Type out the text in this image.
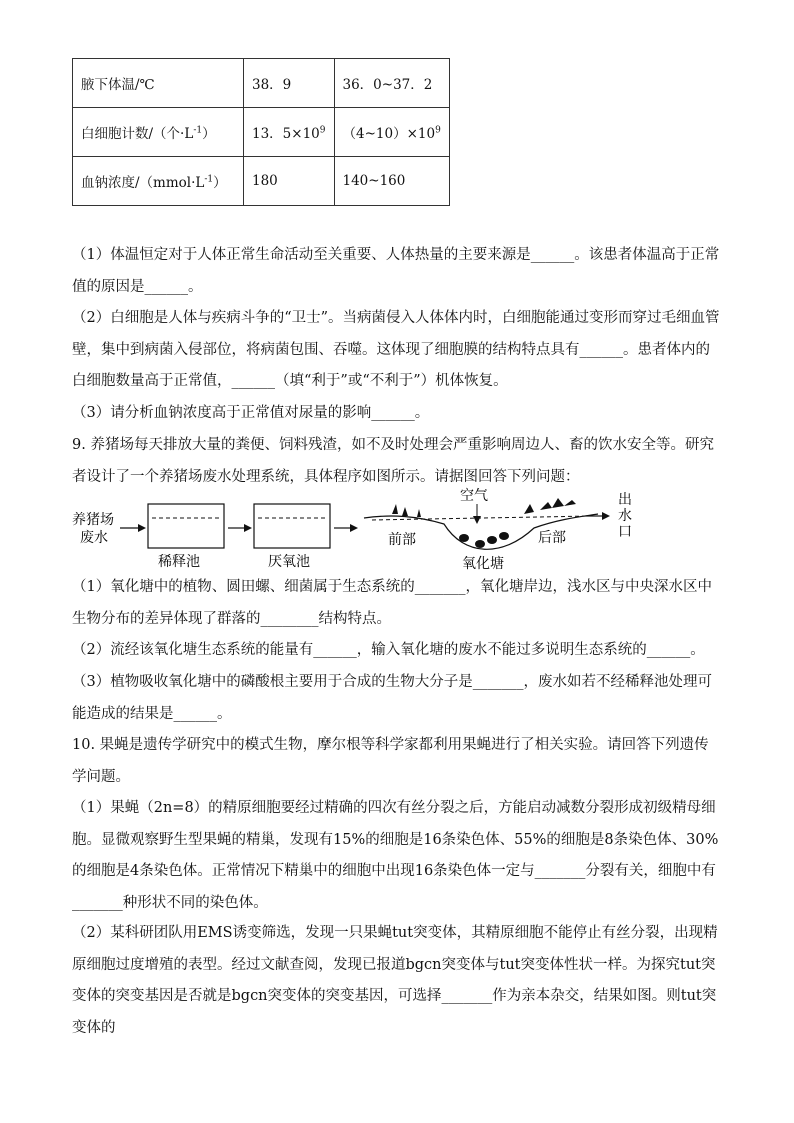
腋下体温/℃	38．9	36．0~37．2
白细胞计数/（个$\cdot L^{-1}$）	13．$5\times 10^9$	$(4\sim 10)\times 10^9$
血钠浓度$/(mmol\cdot L^{-1})$	180	140~160

（1）体温恒定对于人体正常生命活动至关重要、人体热量的主要来源是______。该患者体温高于正常值的原因是______。

（2）白细胞是人体与疾病斗争的“卫士”。当病菌侵入人体体内时，白细胞能通过变形而穿过毛细血管壁，集中到病菌入侵部位，将病菌包围、吞噬。这体现了细胞膜的结构特点具有______。患者体内的白细胞数量高于正常值，______（填“利于”或“不利于”）机体恢复。

（3）请分析血钠浓度高于正常值对尿量的影响______。

9. 养猪场每天排放大量的粪便、饲料残渣，如不及时处理会严重影响周边人、畜的饮水安全等。研究者设计了一个养猪场废水处理系统，具体程序如图所示。请据图回答下列问题：

养猪场
废水
稀释池	厌氧池
空气
前部	后部
氧化塘
出水口

（1）氧化塘中的植物、圆田螺、细菌属于生态系统的_______，氧化塘岸边，浅水区与中央深水区中生物分布的差异体现了群落的________结构特点。

（2）流经该氧化塘生态系统的能量有______，输入氧化塘的废水不能过多说明生态系统的______。

（3）植物吸收氧化塘中的磷酸根主要用于合成的生物大分子是_______，废水如若不经稀释池处理可能造成的结果是______。

10. 果蝇是遗传学研究中的模式生物，摩尔根等科学家都利用果蝇进行了相关实验。请回答下列遗传学问题。

（1）果蝇（2n=8）的精原细胞要经过精确的四次有丝分裂之后，方能启动减数分裂形成初级精母细胞。显微观察野生型果蝇的精巢，发现有15%的细胞是16条染色体、55%的细胞是8条染色体、30%的细胞是4条染色体。正常情况下精巢中的细胞中出现16条染色体一定与_______分裂有关，细胞中有_______种形状不同的染色体。

（2）某科研团队用EMS诱变筛选，发现一只果蝇tut突变体，其精原细胞不能停止有丝分裂，出现精原细胞过度增殖的表型。经过文献查阅，发现已报道bgcn突变体与tut突变体性状一样。为探究tut突变体的突变基因是否就是bgcn突变体的突变基因，可选择_______作为亲本杂交，结果如图。则tut突变体的
